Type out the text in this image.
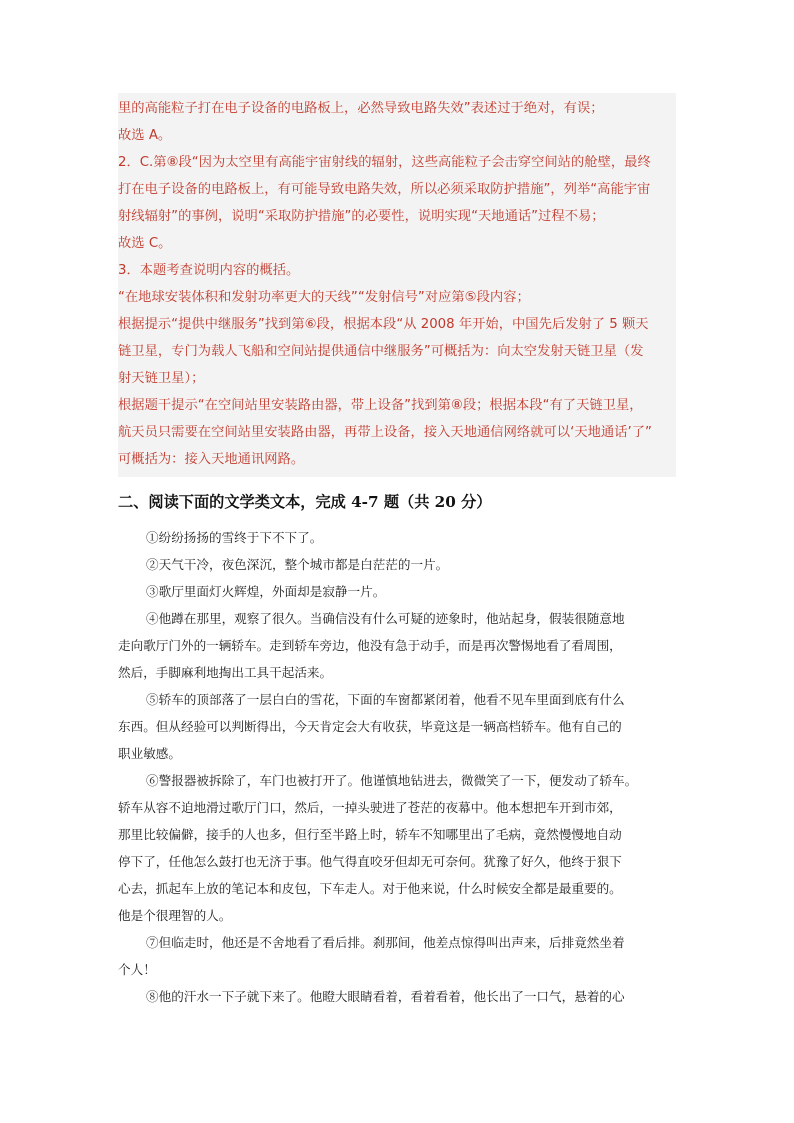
里的高能粒子打在电子设备的电路板上，必然导致电路失效”表述过于绝对，有误；
故选 A。
2．C.第⑧段“因为太空里有高能宇宙射线的辐射，这些高能粒子会击穿空间站的舱壁，最终
打在电子设备的电路板上，有可能导致电路失效，所以必须采取防护措施”，列举“高能宇宙
射线辐射”的事例，说明“采取防护措施”的必要性，说明实现“天地通话”过程不易；
故选 C。
3．本题考查说明内容的概括。
“在地球安装体积和发射功率更大的天线”“发射信号”对应第⑤段内容；
根据提示“提供中继服务”找到第⑥段，根据本段“从 2008 年开始，中国先后发射了 5 颗天
链卫星，专门为载人飞船和空间站提供通信中继服务”可概括为：向太空发射天链卫星（发
射天链卫星）；
根据题干提示“在空间站里安装路由器，带上设备”找到第⑧段；根据本段“有了天链卫星，
航天员只需要在空间站里安装路由器，再带上设备，接入天地通信网络就可以‘天地通话’了”
可概括为：接入天地通讯网路。
二、阅读下面的文学类文本，完成 4-7 题（共 20 分）
①纷纷扬扬的雪终于下不下了。
②天气干冷，夜色深沉，整个城市都是白茫茫的一片。
③歌厅里面灯火辉煌，外面却是寂静一片。
④他蹲在那里，观察了很久。当确信没有什么可疑的迹象时，他站起身，假装很随意地
走向歌厅门外的一辆轿车。走到轿车旁边，他没有急于动手，而是再次警惕地看了看周围，
然后，手脚麻利地掏出工具干起活来。
⑤轿车的顶部落了一层白白的雪花，下面的车窗都紧闭着，他看不见车里面到底有什么
东西。但从经验可以判断得出，今天肯定会大有收获，毕竟这是一辆高档轿车。他有自己的
职业敏感。
⑥警报器被拆除了，车门也被打开了。他谨慎地钻进去，微微笑了一下，便发动了轿车。
轿车从容不迫地滑过歌厅门口，然后，一掉头驶进了苍茫的夜幕中。他本想把车开到市郊，
那里比较偏僻，接手的人也多，但行至半路上时，轿车不知哪里出了毛病，竟然慢慢地自动
停下了，任他怎么鼓打也无济于事。他气得直咬牙但却无可奈何。犹豫了好久，他终于狠下
心去，抓起车上放的笔记本和皮包，下车走人。对于他来说，什么时候安全都是最重要的。
他是个很理智的人。
⑦但临走时，他还是不舍地看了看后排。刹那间，他差点惊得叫出声来，后排竟然坐着
个人！
⑧他的汗水一下子就下来了。他瞪大眼睛看着，看着看着，他长出了一口气，悬着的心
